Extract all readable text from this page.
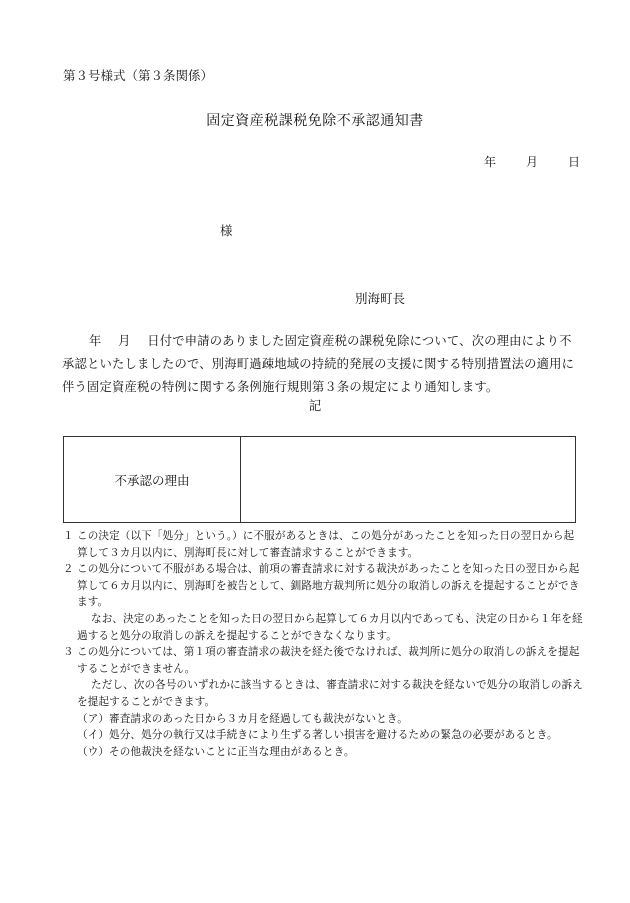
第３号様式（第３条関係）
固定資産税課税免除不承認通知書
年	月	日
様
別海町長
年　 月　 日付で申請のありました固定資産税の課税免除について、次の理由により不承認といたしましたので、別海町過疎地域の持続的発展の支援に関する特別措置法の適用に伴う固定資産税の特例に関する条例施行規則第３条の規定により通知します。
記
不承認の理由
１ この決定（以下「処分」という。）に不服があるときは、この処分があったことを知った日の翌日から起算して３カ月以内に、別海町長に対して審査請求することができます。
２ この処分について不服がある場合は、前項の審査請求に対する裁決があったことを知った日の翌日から起算して６カ月以内に、別海町を被告として、釧路地方裁判所に処分の取消しの訴えを提起することができます。
なお、決定のあったことを知った日の翌日から起算して６カ月以内であっても、決定の日から１年を経過すると処分の取消しの訴えを提起することができなくなります。
３ この処分については、第１項の審査請求の裁決を経た後でなければ、裁判所に処分の取消しの訴えを提起することができません。
ただし、次の各号のいずれかに該当するときは、審査請求に対する裁決を経ないで処分の取消しの訴えを提起することができます。
（ア） 審査請求のあった日から３カ月を経過しても裁決がないとき。
（イ） 処分、処分の執行又は手続きにより生ずる著しい損害を避けるための緊急の必要があるとき。
（ウ） その他裁決を経ないことに正当な理由があるとき。
